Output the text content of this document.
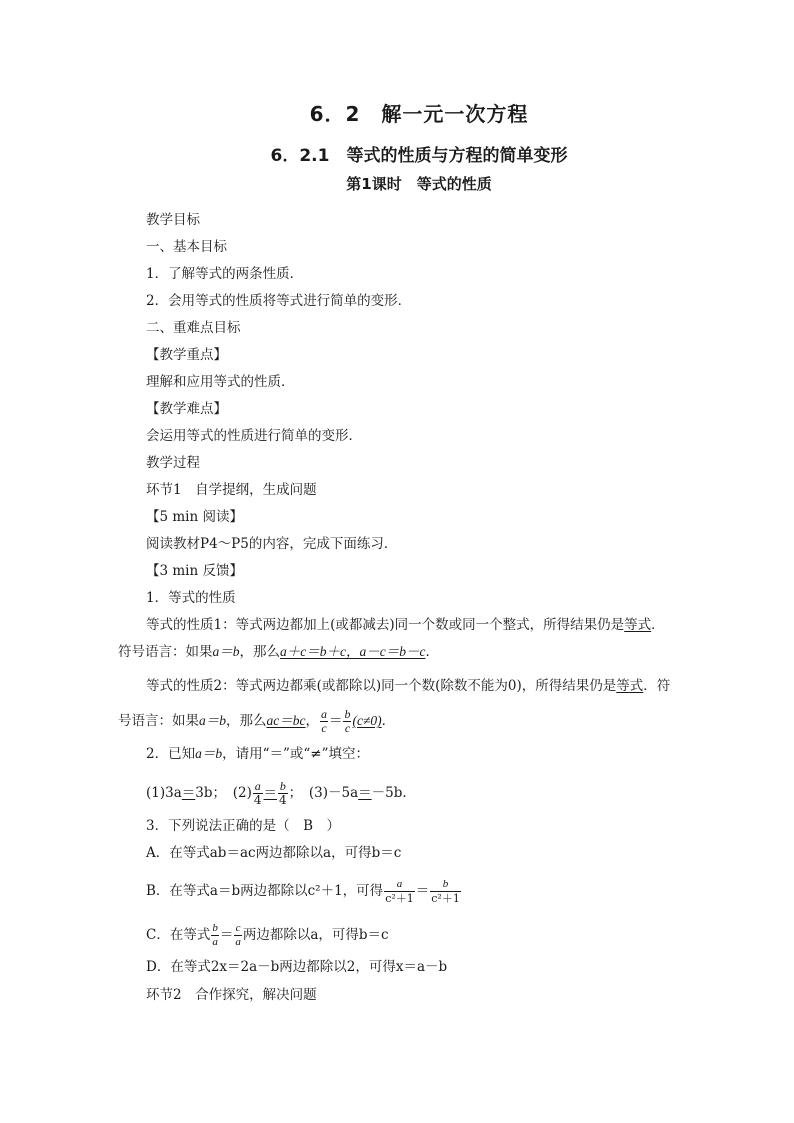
6．2　解一元一次方程
6．2.1　等式的性质与方程的简单变形
第1课时　等式的性质
教学目标
一、基本目标
1．了解等式的两条性质．
2．会用等式的性质将等式进行简单的变形．
二、重难点目标
【教学重点】
理解和应用等式的性质．
【教学难点】
会运用等式的性质进行简单的变形．
教学过程
环节1　自学提纲，生成问题
【5 min 阅读】
阅读教材P4～P5的内容，完成下面练习．
【3 min 反馈】
1．等式的性质
等式的性质1：等式两边都加上(或都减去)同一个数或同一个整式，所得结果仍是等式．
符号语言：如果a＝b，那么a＋c＝b＋c，a－c＝b－c．
等式的性质2：等式两边都乘(或都除以)同一个数(除数不能为0)，所得结果仍是等式．符
号语言：如果a＝b，那么ac＝bc， $\frac{a}{c} = \frac{b}{c} (c\ne 0)$．
2．已知a＝b，请用“＝”或“≠”填空：
(1)3a＝3b；　$(2) \frac{a}{4} = \frac{b}{4}$ ；　(3)－5a＝－5b.
3．下列说法正确的是（　B　）
A．在等式ab＝ac两边都除以a，可得b＝c
B．在等式a＝b两边都除以c²＋1，可得 $\frac{a}{\text{c²＋1}} = \frac{b}{\text{c²＋1}}$
C．在等式 $\frac{b}{a} = \frac{c}{a}$ 两边都除以a，可得b＝c
D．在等式2x＝2a－b两边都除以2，可得x＝a－b
环节2　合作探究，解决问题
